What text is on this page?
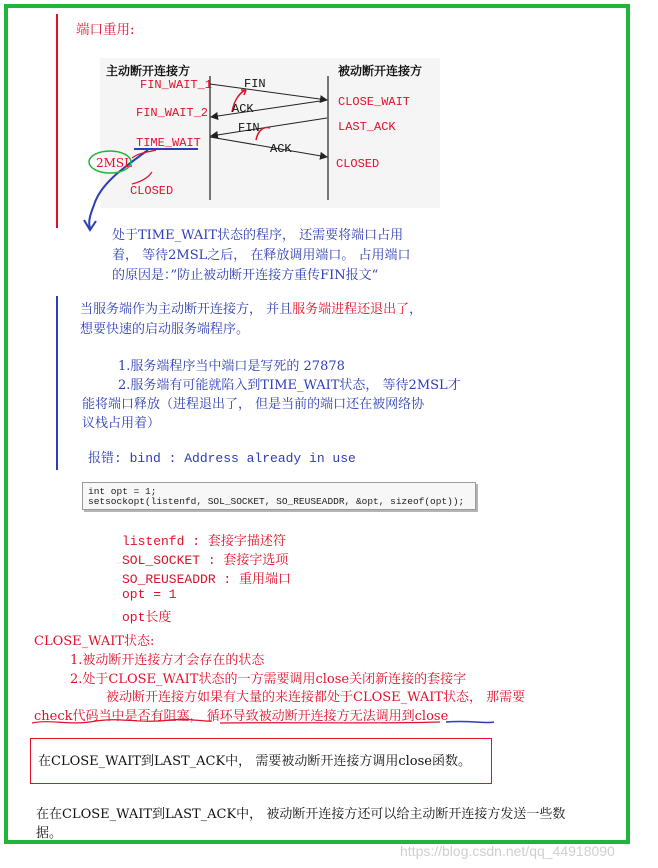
端口重用:
主动断开连接方	被动断开连接方
FIN_WAIT_1
FIN_WAIT_2
TIME_WAIT
CLOSED
CLOSE_WAIT
LAST_ACK
CLOSED
FIN
ACK
FIN
ACK
2MSL
处于TIME_WAIT状态的程序， 还需要将端口占用
着， 等待2MSL之后， 在释放调用端口。 占用端口
的原因是：”防止被动断开连接方重传FIN报文“
当服务端作为主动断开连接方， 并且服务端进程还退出了，
想要快速的启动服务端程序。
1.服务端程序当中端口是写死的 27878
2.服务端有可能就陷入到TIME_WAIT状态， 等待2MSL才
能将端口释放（进程退出了， 但是当前的端口还在被网络协
议栈占用着）
报错: bind : Address already in use
int opt = 1;
setsockopt(listenfd, SOL_SOCKET, SO_REUSEADDR, &opt, sizeof(opt));
listenfd : 套接字描述符
SOL_SOCKET : 套接字选项
SO_REUSEADDR : 重用端口
opt = 1
opt长度
CLOSE_WAIT状态:
1.被动断开连接方才会存在的状态
2.处于CLOSE_WAIT状态的一方需要调用close关闭新连接的套接字
被动断开连接方如果有大量的来连接都处于CLOSE_WAIT状态， 那需要
check代码当中是否有阻塞， 循环导致被动断开连接方无法调用到close
在CLOSE_WAIT到LAST_ACK中， 需要被动断开连接方调用close函数。
在在CLOSE_WAIT到LAST_ACK中， 被动断开连接方还可以给主动断开连接方发送一些数
据。
https://blog.csdn.net/qq_44918090
